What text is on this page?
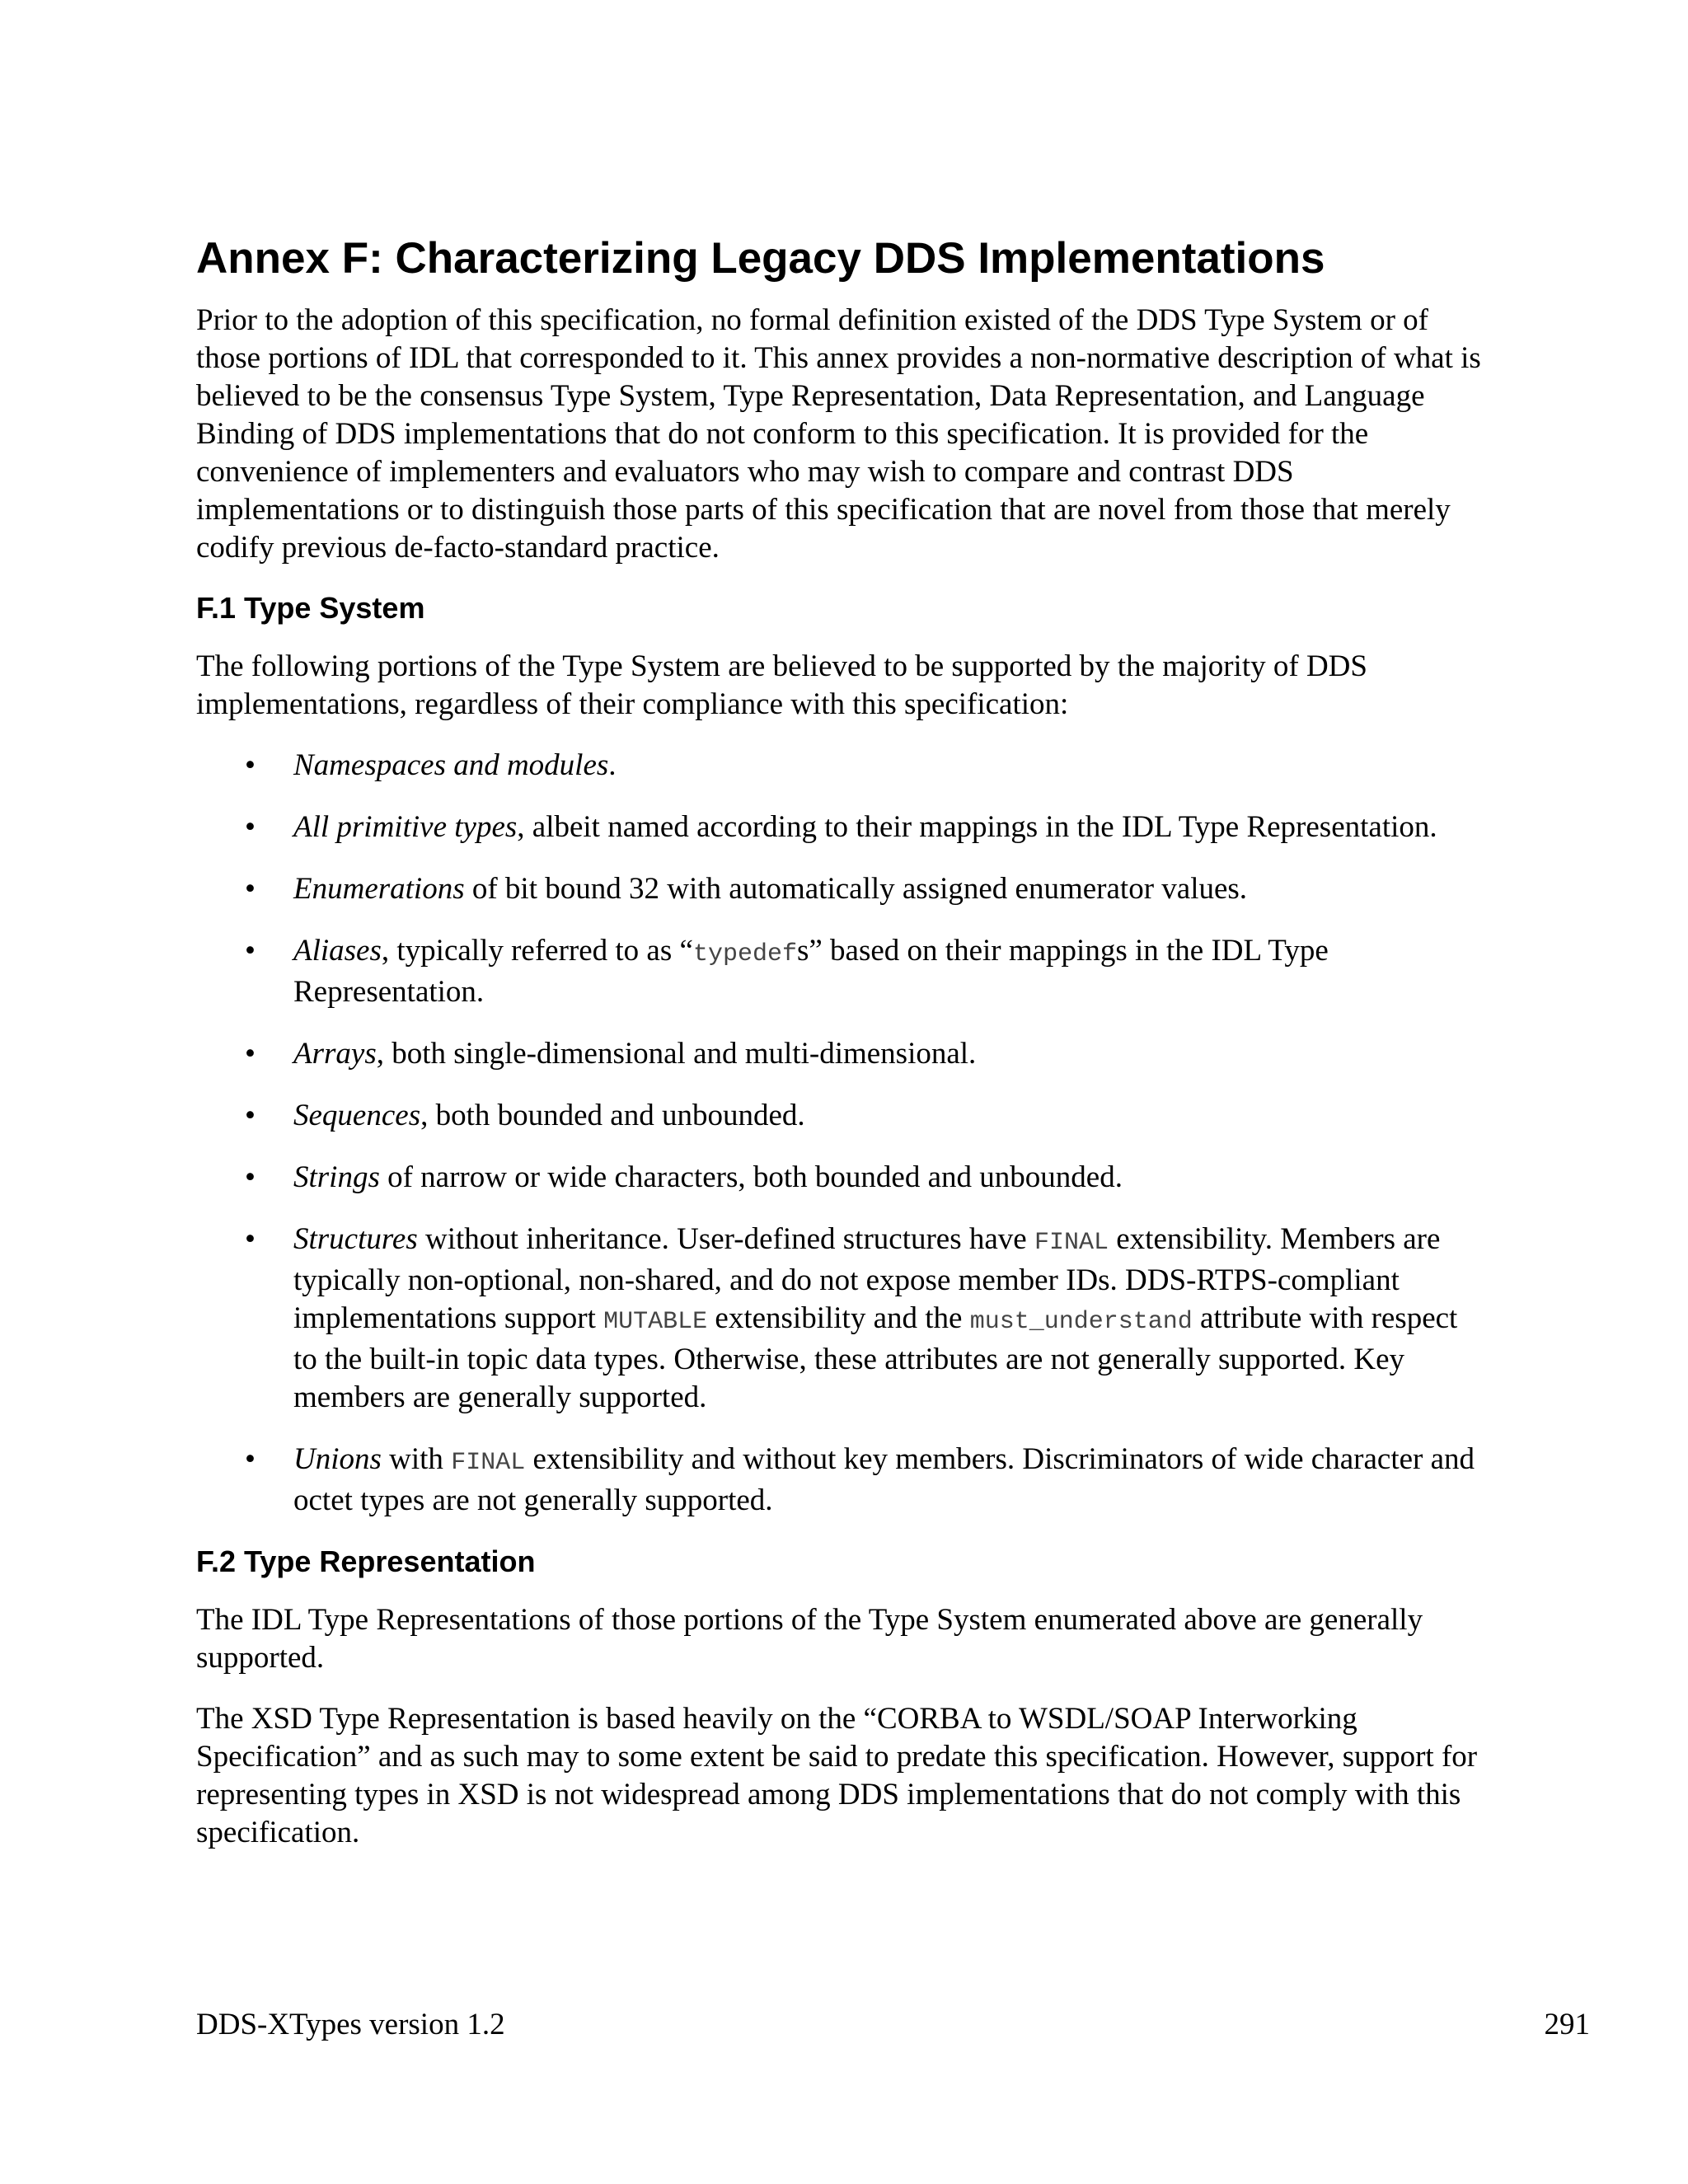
Annex F: Characterizing Legacy DDS Implementations

Prior to the adoption of this specification, no formal definition existed of the DDS Type System or of those portions of IDL that corresponded to it. This annex provides a non-normative description of what is believed to be the consensus Type System, Type Representation, Data Representation, and Language Binding of DDS implementations that do not conform to this specification. It is provided for the convenience of implementers and evaluators who may wish to compare and contrast DDS implementations or to distinguish those parts of this specification that are novel from those that merely codify previous de-facto-standard practice.

F.1 Type System

The following portions of the Type System are believed to be supported by the majority of DDS implementations, regardless of their compliance with this specification:

• Namespaces and modules.
• All primitive types, albeit named according to their mappings in the IDL Type Representation.
• Enumerations of bit bound 32 with automatically assigned enumerator values.
• Aliases, typically referred to as “typedefs” based on their mappings in the IDL Type Representation.
• Arrays, both single-dimensional and multi-dimensional.
• Sequences, both bounded and unbounded.
• Strings of narrow or wide characters, both bounded and unbounded.
• Structures without inheritance. User-defined structures have FINAL extensibility. Members are typically non-optional, non-shared, and do not expose member IDs. DDS-RTPS-compliant implementations support MUTABLE extensibility and the must_understand attribute with respect to the built-in topic data types. Otherwise, these attributes are not generally supported. Key members are generally supported.
• Unions with FINAL extensibility and without key members. Discriminators of wide character and octet types are not generally supported.
F.2 Type Representation

The IDL Type Representations of those portions of the Type System enumerated above are generally supported.

The XSD Type Representation is based heavily on the “CORBA to WSDL/SOAP Interworking Specification” and as such may to some extent be said to predate this specification. However, support for representing types in XSD is not widespread among DDS implementations that do not comply with this specification.

DDS-XTypes version 1.2	291
